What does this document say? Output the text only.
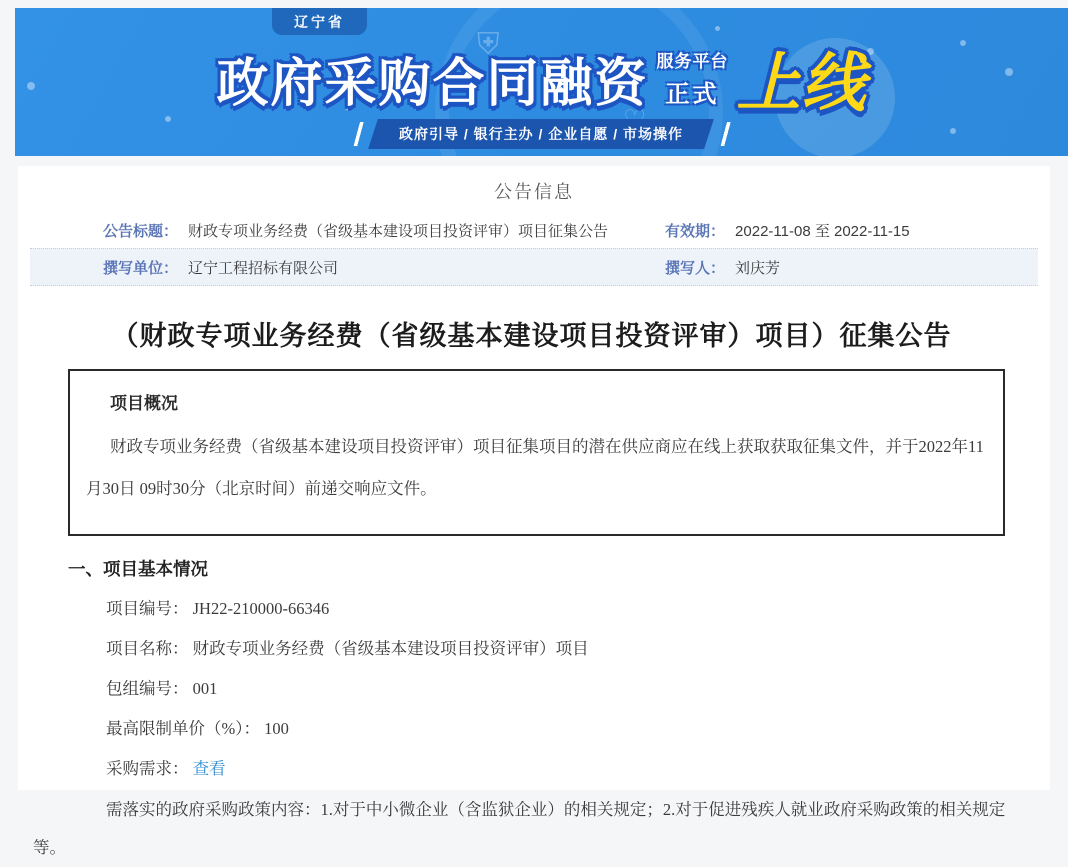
⛨
辽宁省
政府采购合同融资 服务平台
正式 上线
政府引导 / 银行主办 / 企业自愿 / 市场操作
公告信息
公告标题： 财政专项业务经费（省级基本建设项目投资评审）项目征集公告	有效期： 2022-11-08 至 2022-11-15
撰写单位： 辽宁工程招标有限公司	撰写人： 刘庆芳
（财政专项业务经费（省级基本建设项目投资评审）项目）征集公告
项目概况

财政专项业务经费（省级基本建设项目投资评审）项目征集项目的潜在供应商应在线上获取获取征集文件，并于2022年11月30日 09时30分（北京时间）前递交响应文件。

一、项目基本情况

项目编号： JH22-210000-66346

项目名称： 财政专项业务经费（省级基本建设项目投资评审）项目

包组编号： 001

最高限制单价（%）： 100

采购需求： 查看

需落实的政府采购政策内容：1.对于中小微企业（含监狱企业）的相关规定；2.对于促进残疾人就业政府采购政策的相关规定等。
